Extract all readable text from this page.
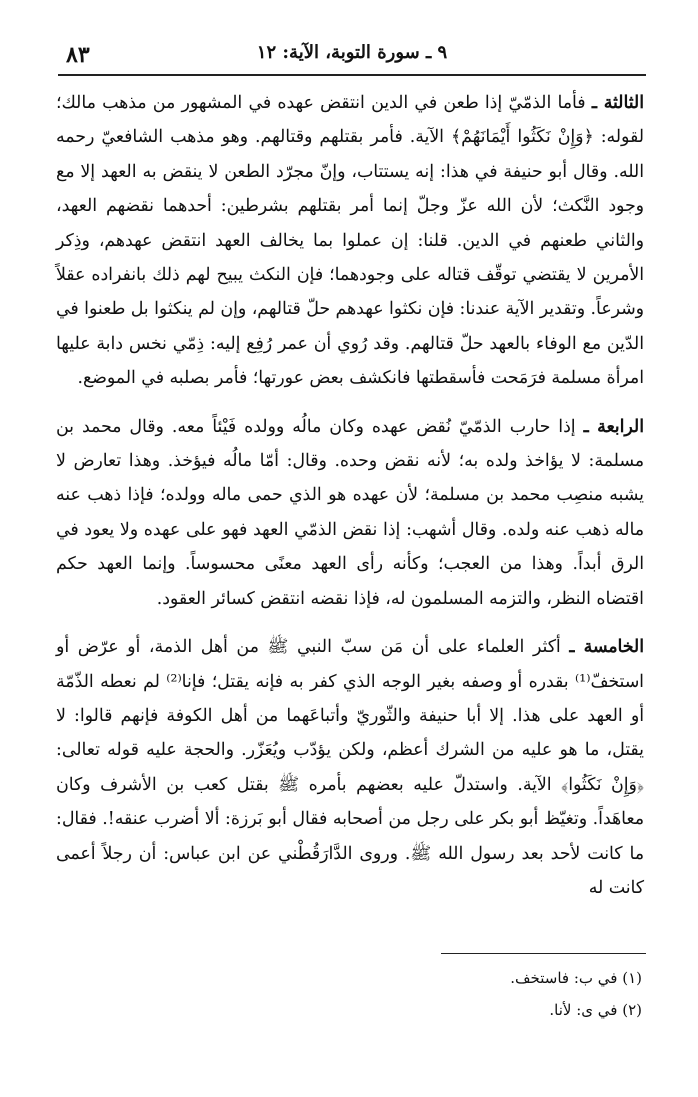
٩ ـ سورة التوبة، الآية: ١٢
٨٣

الثالثة ـ فأما الذمّيّ إذا طعن في الدين انتقض عهده في المشهور من مذهب مالك؛ لقوله: ﴿وَإِنْ نَكَثُوا أَيْمَانَهُمْ﴾ الآية. فأمر بقتلهم وقتالهم. وهو مذهب الشافعيّ رحمه الله. وقال أبو حنيفة في هذا: إنه يستتاب، وإنّ مجرّد الطعن لا ينقض به العهد إلا مع وجود النَّكث؛ لأن الله عزّ وجلّ إنما أمر بقتلهم بشرطين: أحدهما نقضهم العهد، والثاني طعنهم في الدين. قلنا: إن عملوا بما يخالف العهد انتقض عهدهم، وذِكر الأمرين لا يقتضي توقّف قتاله على وجودهما؛ فإن النكث يبيح لهم ذلك بانفراده عقلاً وشرعاً. وتقدير الآية عندنا: فإن نكثوا عهدهم حلّ قتالهم، وإن لم ينكثوا بل طعنوا في الدّين مع الوفاء بالعهد حلّ قتالهم. وقد رُوي أن عمر رُفِع إليه: ذِمّي نخس دابة عليها امرأة مسلمة فرَمَحت فأسقطتها فانكشف بعض عورتها؛ فأمر بصلبه في الموضع.

الرابعة ـ إذا حارب الذمّيّ نُقض عهده وكان مالُه وولده فَيْئاً معه. وقال محمد بن مسلمة: لا يؤاخذ ولده به؛ لأنه نقض وحده. وقال: أمّا مالُه فيؤخذ. وهذا تعارض لا يشبه منصِب محمد بن مسلمة؛ لأن عهده هو الذي حمى ماله وولده؛ فإذا ذهب عنه ماله ذهب عنه ولده. وقال أشهب: إذا نقض الذمّي العهد فهو على عهده ولا يعود في الرق أبداً. وهذا من العجب؛ وكأنه رأى العهد معنًى محسوساً. وإنما العهد حكم اقتضاه النظر، والتزمه المسلمون له، فإذا نقضه انتقض كسائر العقود.

الخامسة ـ أكثر العلماء على أن مَن سبّ النبي ﷺ من أهل الذمة، أو عرّض أو استخفّ⁽¹⁾ بقدره أو وصفه بغير الوجه الذي كفر به فإنه يقتل؛ فإنا⁽²⁾ لم نعطه الذّمّة أو العهد على هذا. إلا أبا حنيفة والثّوريّ وأتباعَهما من أهل الكوفة فإنهم قالوا: لا يقتل، ما هو عليه من الشرك أعظم، ولكن يؤدّب ويُعَزّر. والحجة عليه قوله تعالى: ﴿وَإِنْ نَكَثُوا﴾ الآية. واستدلّ عليه بعضهم بأمره ﷺ بقتل كعب بن الأشرف وكان معاهَداً. وتغيّظ أبو بكر على رجل من أصحابه فقال أبو بَرزة: ألا أضرب عنقه!. فقال: ما كانت لأحد بعد رسول الله ﷺ. وروى الدَّارَقُطْني عن ابن عباس: أن رجلاً أعمى كانت له

(١) في ب: فاستخف.
(٢) في ى: لأنا.
